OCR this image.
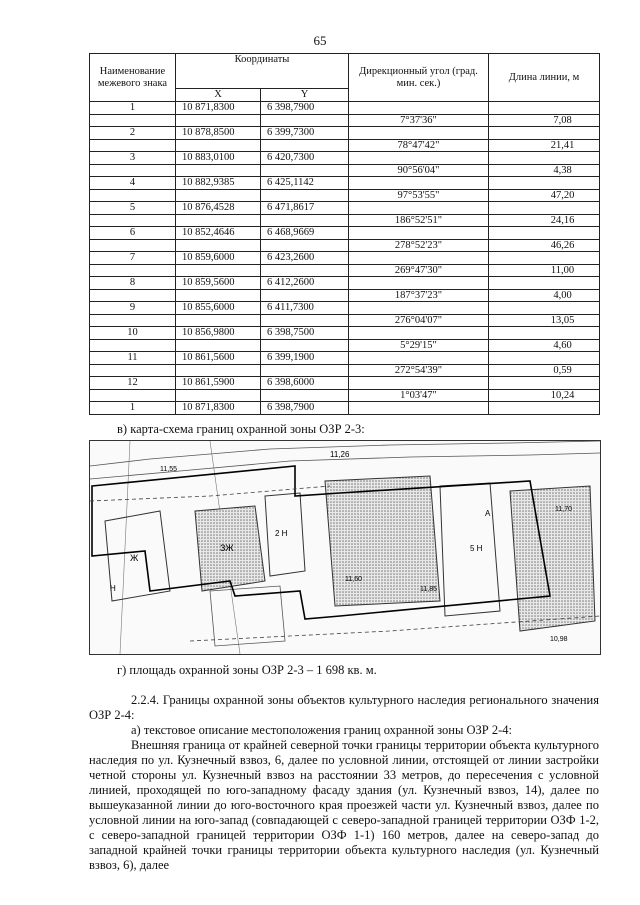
65
Наименование межевого знака	Координаты		Дирекционный угол (град. мин. сек.)	Длина линии, м
	X	Y		
1	10 871,8300	6 398,7900		
			7°37'36"	7,08
2	10 878,8500	6 399,7300		
			78°47'42"	21,41
3	10 883,0100	6 420,7300		
			90°56'04"	4,38
4	10 882,9385	6 425,1142		
			97°53'55"	47,20
5	10 876,4528	6 471,8617		
			186°52'51"	24,16
6	10 852,4646	6 468,9669		
			278°52'23"	46,26
7	10 859,6000	6 423,2600		
			269°47'30"	11,00
8	10 859,5600	6 412,2600		
			187°37'23"	4,00
9	10 855,6000	6 411,7300		
			276°04'07"	13,05
10	10 856,9800	6 398,7500		
			5°29'15"	4,60
11	10 861,5600	6 399,1900		
			272°54'39"	0,59
12	10 861,5900	6 398,6000		
			1°03'47"	10,24
1	10 871,8300	6 398,7900		
в) карта-схема границ охранной зоны ОЗР 2-3:
11,26
ЗЖ
2 Н
5 Н
Ж
Н
А
11,60
11,70
11,85
11,55
10,98
г) площадь охранной зоны ОЗР 2-3 – 1 698 кв. м.

2.2.4. Границы охранной зоны объектов культурного наследия регионального значения ОЗР 2-4:

а) текстовое описание местоположения границ охранной зоны ОЗР 2-4:

Внешняя граница от крайней северной точки границы территории объекта культурного наследия по ул. Кузнечный взвоз, 6, далее по условной линии, отстоящей от линии застройки четной стороны ул. Кузнечный взвоз на расстоянии 33 метров, до пересечения с условной линией, проходящей по юго-западному фасаду здания (ул. Кузнечный взвоз, 14), далее по вышеуказанной линии до юго-восточного края проезжей части ул. Кузнечный взвоз, далее по условной линии на юго-запад (совпадающей с северо-западной границей территории ОЗФ 1-2, с северо-западной границей территории ОЗФ 1-1) 160 метров, далее на северо-запад до западной крайней точки границы территории объекта культурного наследия (ул. Кузнечный взвоз, 6), далее
